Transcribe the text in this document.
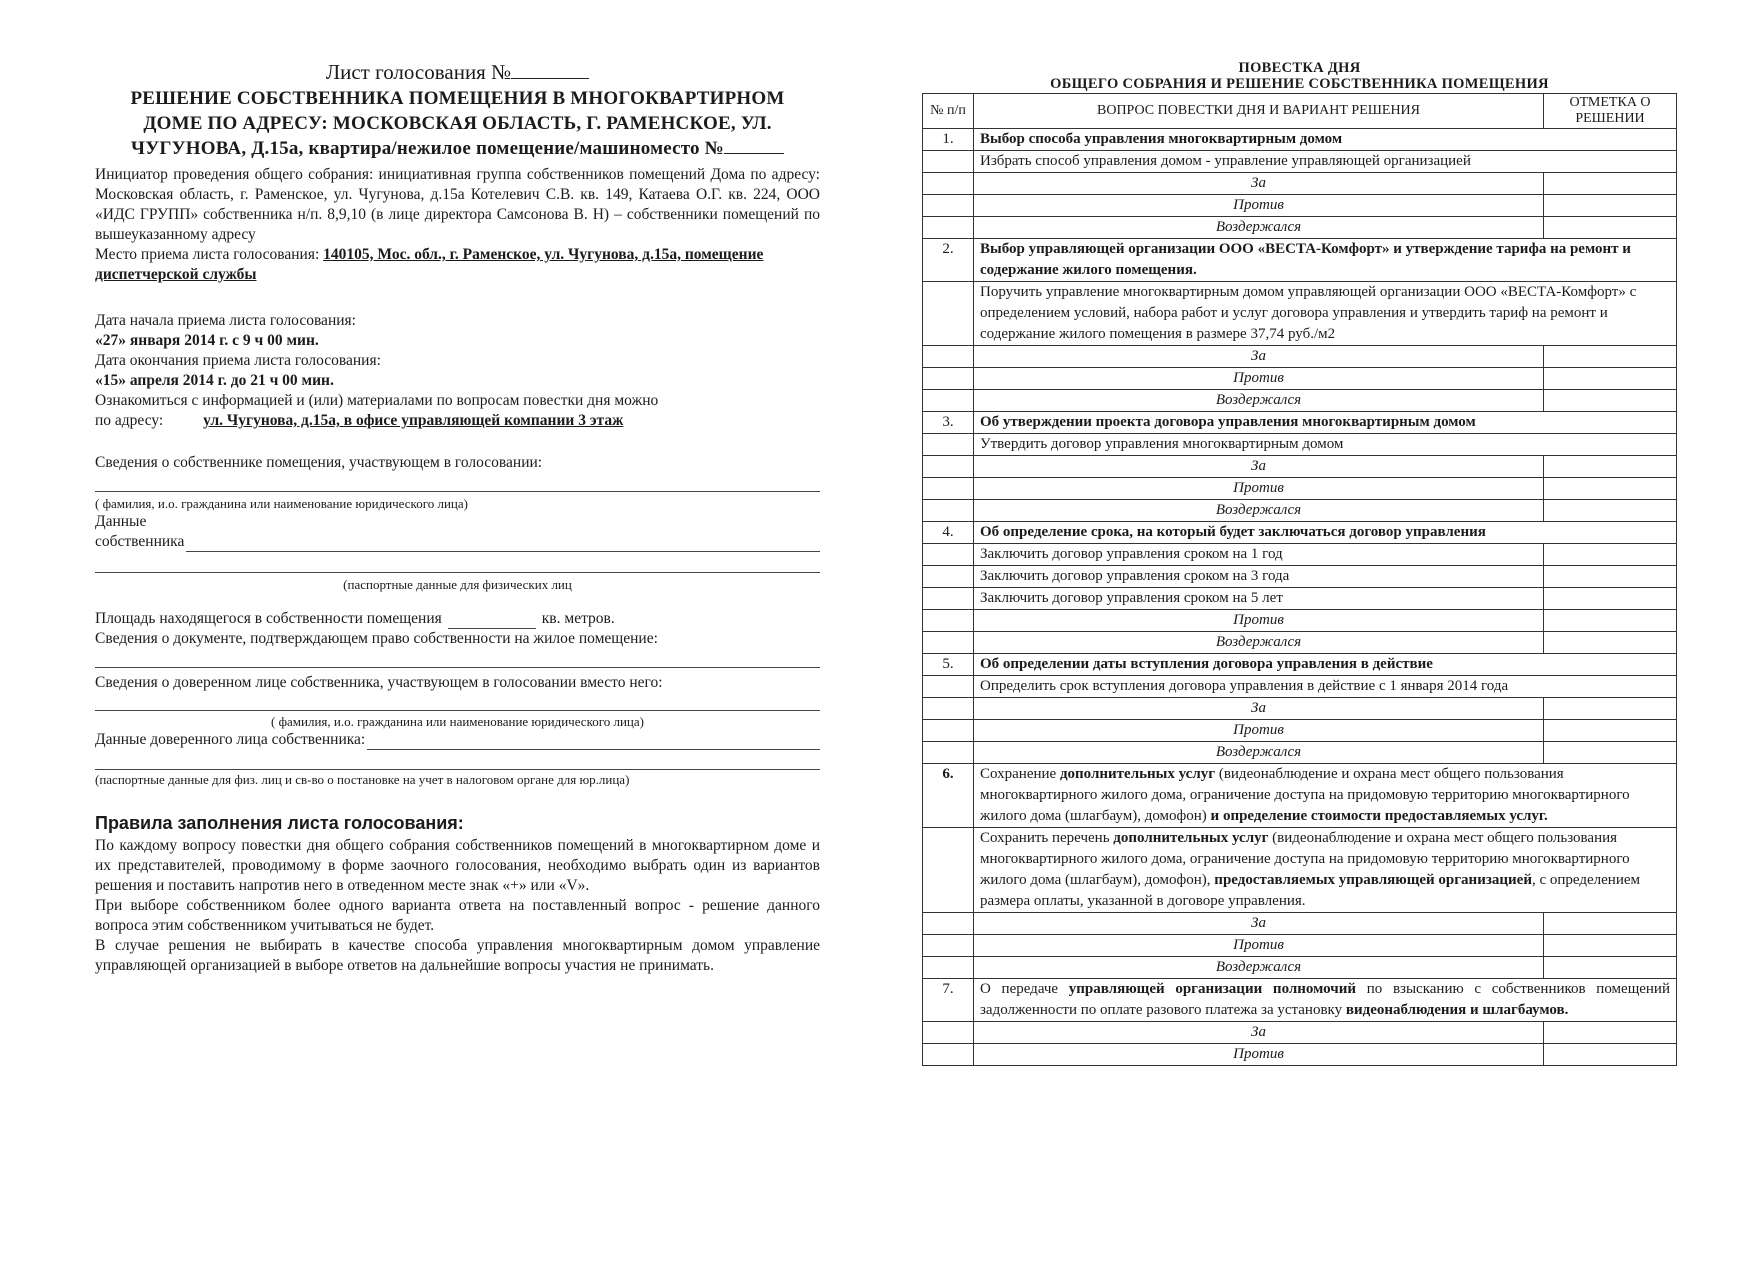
Лист голосования №
РЕШЕНИЕ СОБСТВЕННИКА ПОМЕЩЕНИЯ В МНОГОКВАРТИРНОМ
ДОМЕ ПО АДРЕСУ: МОСКОВСКАЯ ОБЛАСТЬ, Г. РАМЕНСКОЕ, УЛ.
ЧУГУНОВА, Д.15а, квартира/нежилое помещение/машиноместо №
Инициатор проведения общего собрания: инициативная группа собственников помещений Дома по адресу: Московская область, г. Раменское, ул. Чугунова, д.15а Котелевич С.В. кв. 149, Катаева О.Г. кв. 224, ООО «ИДС ГРУПП» собственника н/п. 8,9,10 (в лице директора Самсонова В. Н) – собственники помещений по вышеуказанному адресу
Место приема листа голосования: 140105, Мос. обл., г. Раменское, ул. Чугунова, д.15а, помещение диспетчерской службы
Дата начала приема листа голосования:
«27» января 2014 г. с 9 ч 00 мин.
Дата окончания приема листа голосования:
«15» апреля 2014 г. до 21 ч 00 мин.
Ознакомиться с информацией и (или) материалами по вопросам повестки дня можно
по адресу:	ул. Чугунова, д.15а, в офисе управляющей компании 3 этаж
Сведения о собственнике помещения, участвующем в голосовании:
( фамилия, и.о. гражданина или наименование юридического лица)
Данные
собственника
(паспортные данные для физических лиц
Площадь находящегося в собственности помещения	кв. метров.
Сведения о документе, подтверждающем право собственности на жилое помещение:
Сведения о доверенном лице собственника, участвующем в голосовании вместо него:
( фамилия, и.о. гражданина или наименование юридического лица)
Данные доверенного лица собственника:
(паспортные данные для физ. лиц и св-во о постановке на учет в налоговом органе для юр.лица)
Правила заполнения листа голосования:
По каждому вопросу повестки дня общего собрания собственников помещений в многоквартирном доме и их представителей, проводимому в форме заочного голосования, необходимо выбрать один из вариантов решения и поставить напротив него в отведенном месте знак «+» или «V».
При выборе собственником более одного варианта ответа на поставленный вопрос - решение данного вопроса этим собственником учитываться не будет.
В случае решения не выбирать в качестве способа управления многоквартирным домом управление управляющей организацией в выборе ответов на дальнейшие вопросы участия не принимать.
ПОВЕСТКА ДНЯ
ОБЩЕГО СОБРАНИЯ И РЕШЕНИЕ СОБСТВЕННИКА ПОМЕЩЕНИЯ
№ п/п	ВОПРОС ПОВЕСТКИ ДНЯ И ВАРИАНТ РЕШЕНИЯ	ОТМЕТКА О РЕШЕНИИ
1.	Выбор способа управления многоквартирным домом	
	Избрать способ управления домом - управление управляющей организацией	
	За	
	Против	
	Воздержался	
2.	Выбор управляющей организации ООО «ВЕСТА-Комфорт» и утверждение тарифа на ремонт и содержание жилого помещения.	
	Поручить управление многоквартирным домом управляющей организации ООО «ВЕСТА-Комфорт» с определением условий, набора работ и услуг договора управления и утвердить тариф на ремонт и содержание жилого помещения в размере 37,74 руб./м2	
	За	
	Против	
	Воздержался	
3.	Об утверждении проекта договора управления многоквартирным домом	
	Утвердить договор управления многоквартирным домом	
	За	
	Против	
	Воздержался	
4.	Об определение срока, на который будет заключаться договор управления	
	Заключить договор управления сроком на 1 год	
	Заключить договор управления сроком на 3 года	
	Заключить договор управления сроком на 5 лет	
	Против	
	Воздержался	
5.	Об определении даты вступления договора управления в действие	
	Определить срок вступления договора управления в действие с 1 января 2014 года	
	За	
	Против	
	Воздержался	
6.	Сохранение дополнительных услуг (видеонаблюдение и охрана мест общего пользования многоквартирного жилого дома, ограничение доступа на придомовую территорию многоквартирного жилого дома (шлагбаум), домофон) и определение стоимости предоставляемых услуг.	
	Сохранить перечень дополнительных услуг (видеонаблюдение и охрана мест общего пользования многоквартирного жилого дома, ограничение доступа на придомовую территорию многоквартирного жилого дома (шлагбаум), домофон), предоставляемых управляющей организацией, с определением размера оплаты, указанной в договоре управления.	
	За	
	Против	
	Воздержался	
7.	О передаче управляющей организации полномочий по взысканию с собственников помещений задолженности по оплате разового платежа за установку видеонаблюдения и шлагбаумов.	
	За	
	Против	
